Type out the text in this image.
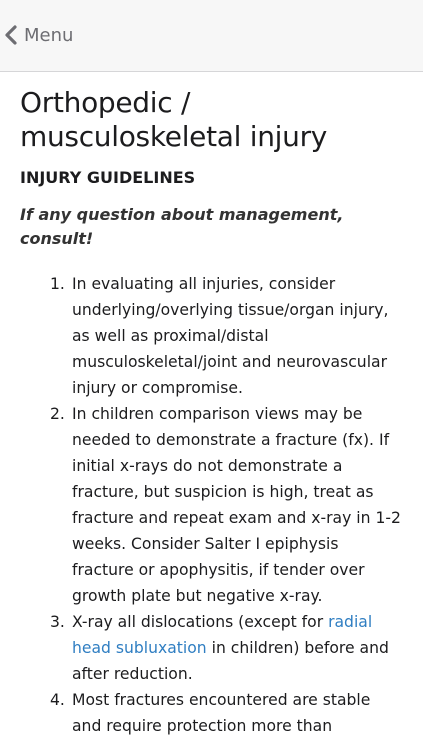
Menu
Orthopedic / musculoskeletal injury
INJURY GUIDELINES

If any question about management, consult!

1. In evaluating all injuries, consider underlying/overlying tissue/organ injury, as well as proximal/distal musculoskeletal/joint and neurovascular injury or compromise.
2. In children comparison views may be needed to demonstrate a fracture (fx). If initial x-rays do not demonstrate a fracture, but suspicion is high, treat as fracture and repeat exam and x-ray in 1-2 weeks. Consider Salter I epiphysis fracture or apophysitis, if tender over growth plate but negative x-ray.
3. X-ray all dislocations (except for radial head subluxation in children) before and after reduction.
4. Most fractures encountered are stable and require protection more than
